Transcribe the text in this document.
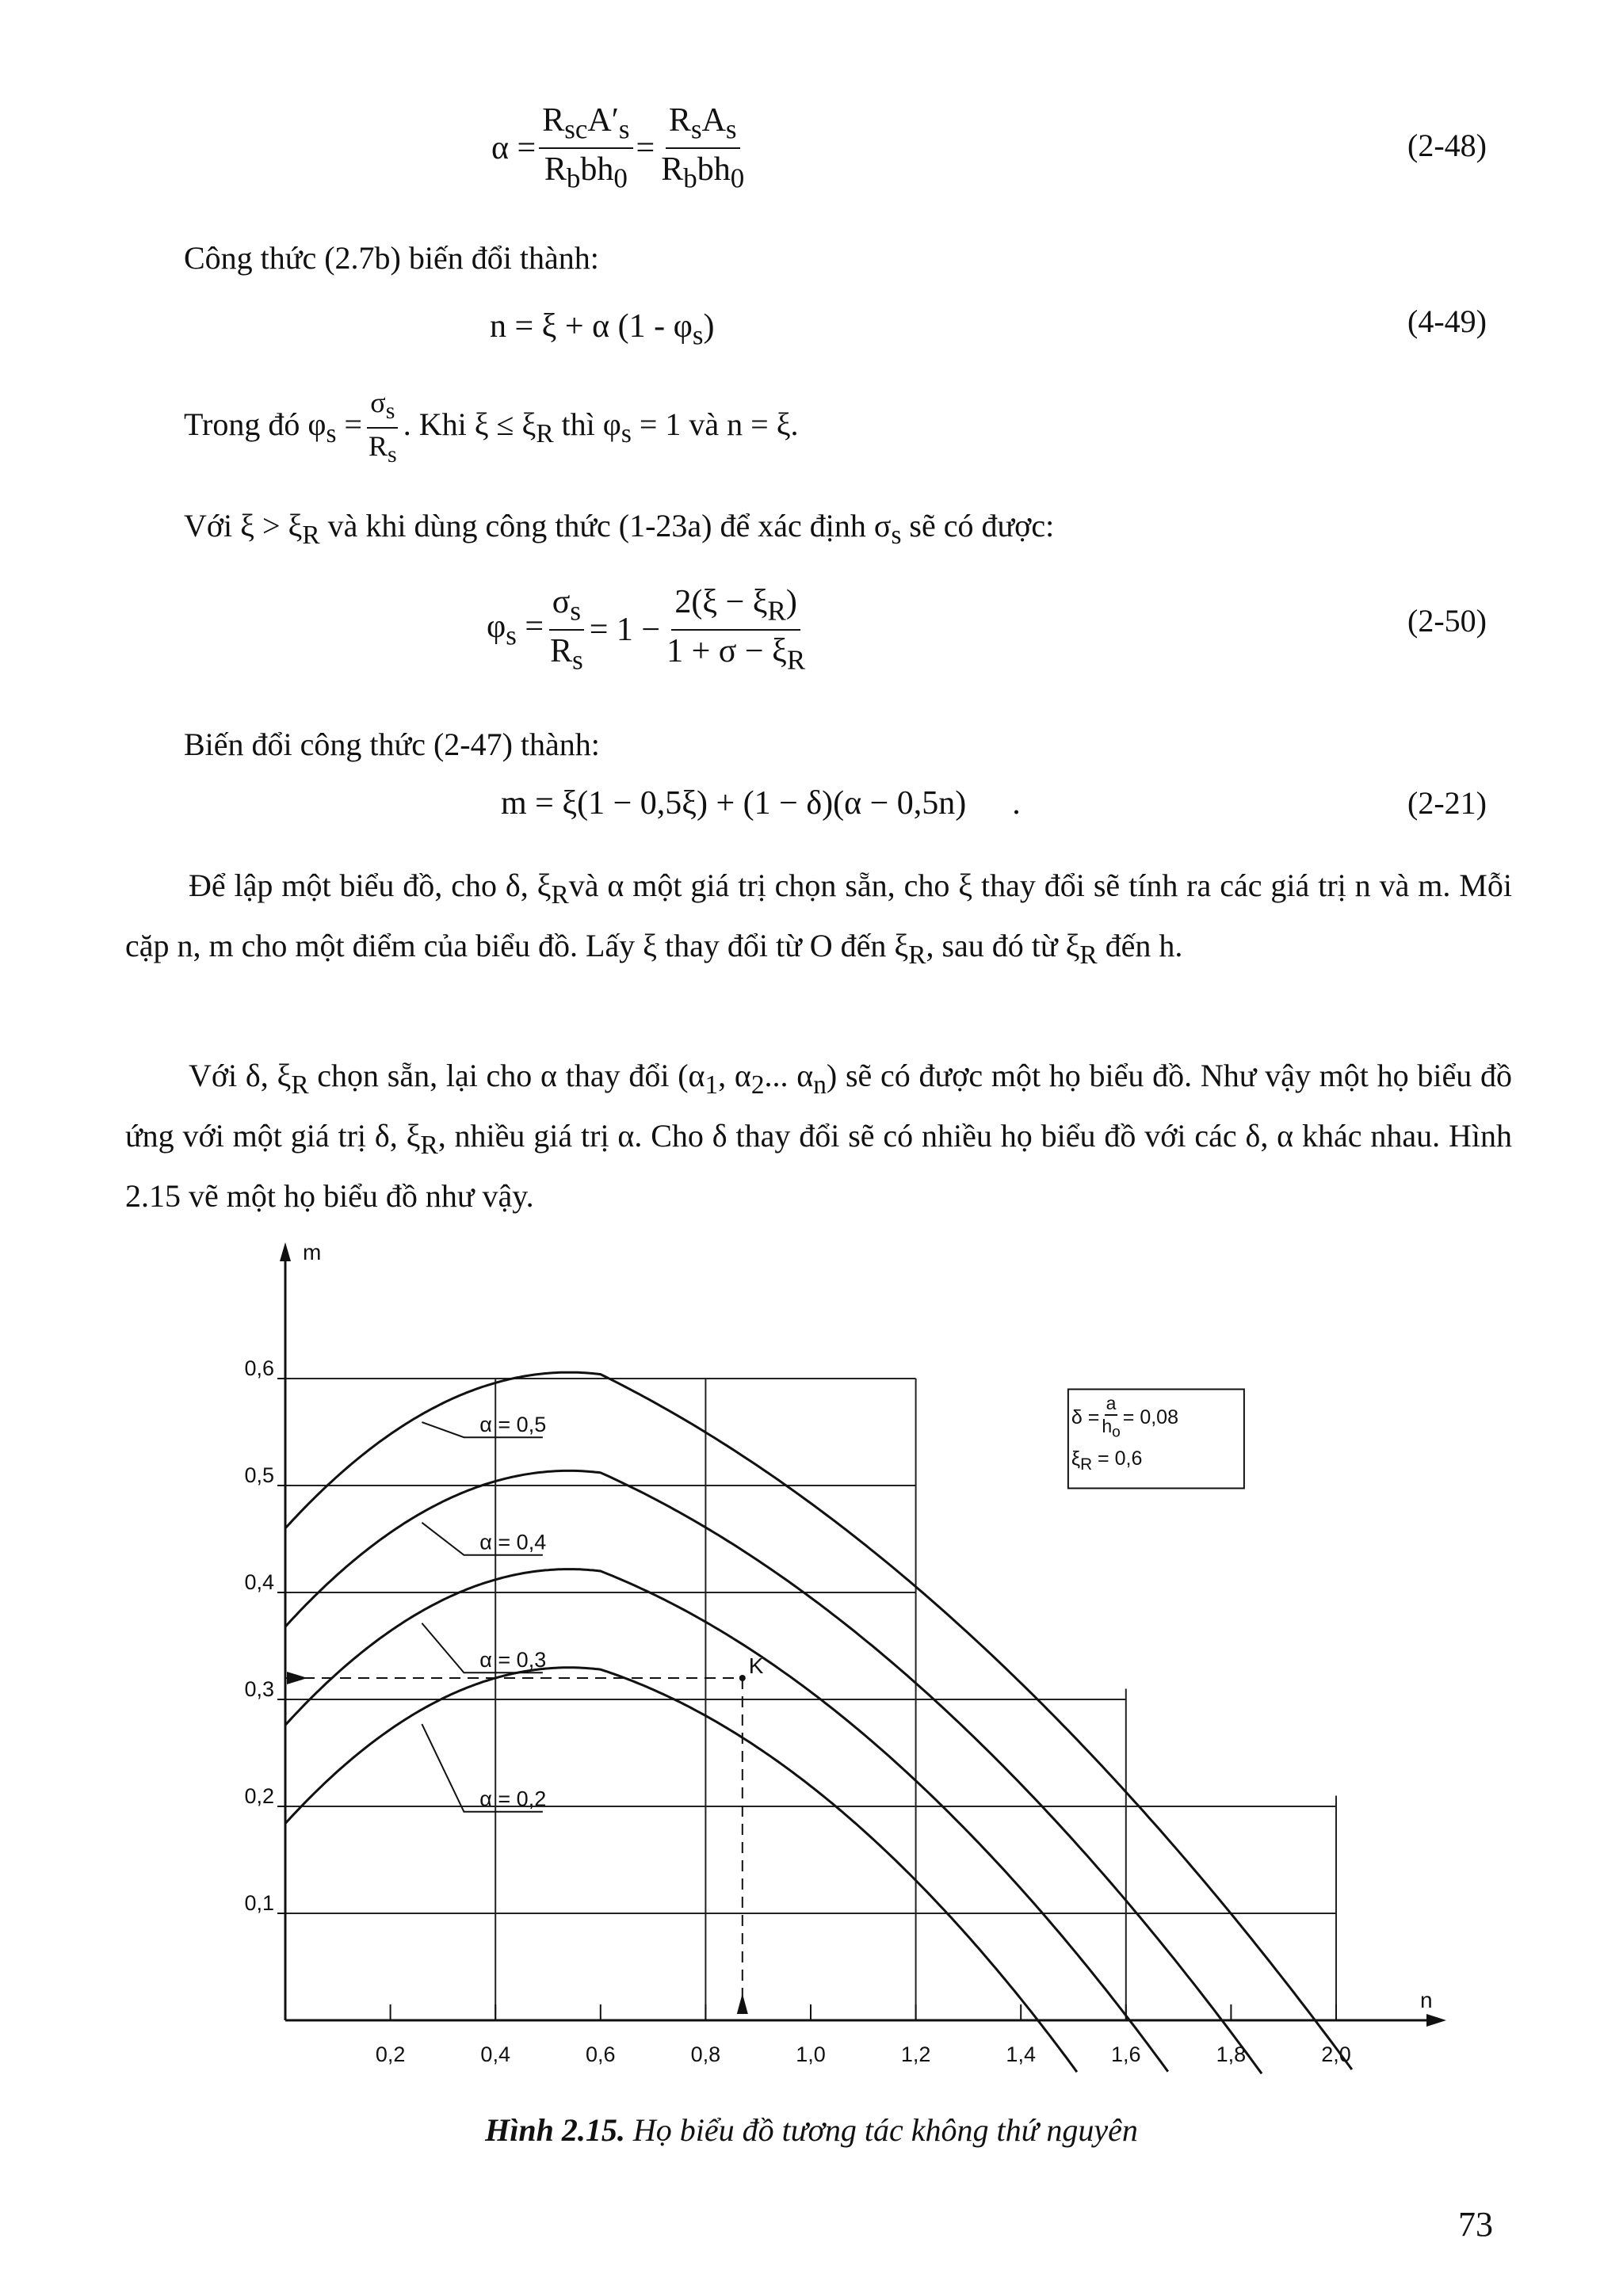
$\alpha = \frac{R_{sc}A'_s}{R_bbh_0} = \frac{R_sA_s}{R_bbh_0}$	(2-48)
Công thức (2.7b) biến đổi thành:
n = ξ + α $(1 - \varphi_s)$	(4-49)
Trong đó $\varphi_s = \frac{\sigma_s}{R_s}$ . Khi $\xi \le \xi_R$ thì $\varphi_s = 1$ và n = ξ.
Với $\xi > \xi_R$ và khi dùng công thức (1-23a) để xác định $\sigma_s$ sẽ có được:
$\varphi_s = \frac{\sigma_s}{R_s} = 1 - \frac{2(\xi - \xi_R)}{1 + \sigma - \xi_R}$	(2-50)
Biến đổi công thức (2-47) thành:
m = ξ(1 − 0,5ξ) + (1 − δ)(α − 0,5n) .	(2-21)

Để lập một biểu đồ, cho δ, $\xi_Rvà$ α một giá trị chọn sẵn, cho ξ thay đổi sẽ tính ra các giá trị n và m. Mỗi cặp n, m cho một điểm của biểu đồ. Lấy ξ thay đổi từ O đến $\xi_R$, sau đó từ $\xi_R$ đến h.

Với δ, $\xi_R$ chọn sẵn, lại cho α thay đổi ($\alpha_1$, $\alpha_2$... $\alpha_n$) sẽ có được một họ biểu đồ. Như vậy một họ biểu đồ ứng với một giá trị δ, $\xi_R$, nhiều giá trị α. Cho δ thay đổi sẽ có nhiều họ biểu đồ với các δ, α khác nhau. Hình 2.15 vẽ một họ biểu đồ như vậy.

n
m
0,2	0,4	0,6	0,8	1,0	1,2	1,4	1,6	1,8	2,0
0,1
0,2
0,3
0,4
0,5
0,6
α = 0,5
α = 0,4
α = 0,3
α = 0,2
K
$\delta = \frac{a}{h_o} = 0,08$
$\xi_R = 0,6$
Hình 2.15. Họ biểu đồ tương tác không thứ nguyên
73
